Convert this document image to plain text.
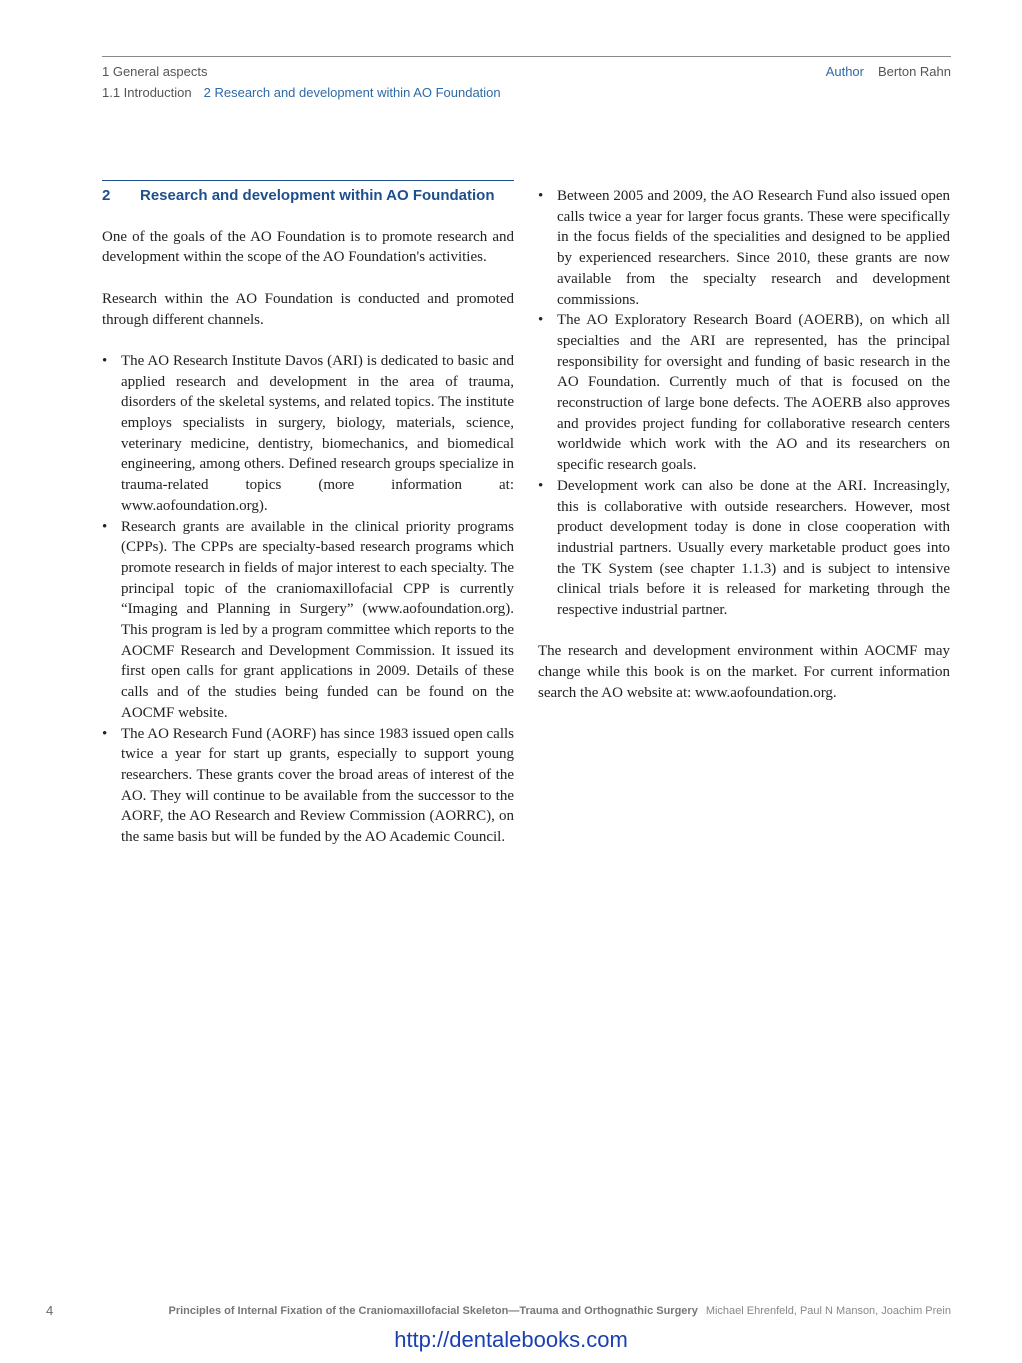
1 General aspects
1.1 Introduction 2 Research and development within AO Foundation
Author Berton Rahn
2 Research and development within AO Foundation

One of the goals of the AO Foundation is to promote research and development within the scope of the AO Foundation's activities.

Research within the AO Foundation is conducted and promoted through different channels.

• The AO Research Institute Davos (ARI) is dedicated to basic and applied research and development in the area of trauma, disorders of the skeletal systems, and related topics. The institute employs specialists in surgery, biology, materials, science, veterinary medicine, dentistry, biomechanics, and biomedical engineering, among others. Defined research groups specialize in trauma-related topics (more information at: www.aofoundation.org).
• Research grants are available in the clinical priority programs (CPPs). The CPPs are specialty-based research programs which promote research in fields of major interest to each specialty. The principal topic of the craniomaxillofacial CPP is currently “Imaging and Planning in Surgery” (www.aofoundation.org). This program is led by a program committee which reports to the AOCMF Research and Development Commission. It issued its first open calls for grant applications in 2009. Details of these calls and of the studies being funded can be found on the AOCMF website.
• The AO Research Fund (AORF) has since 1983 issued open calls twice a year for start up grants, especially to support young researchers. These grants cover the broad areas of interest of the AO. They will continue to be available from the successor to the AORF, the AO Research and Review Commission (AORRC), on the same basis but will be funded by the AO Academic Council.
• Between 2005 and 2009, the AO Research Fund also issued open calls twice a year for larger focus grants. These were specifically in the focus fields of the specialities and designed to be applied by experienced researchers. Since 2010, these grants are now available from the specialty research and development commissions.
• The AO Exploratory Research Board (AOERB), on which all specialties and the ARI are represented, has the principal responsibility for oversight and funding of basic research in the AO Foundation. Currently much of that is focused on the reconstruction of large bone defects. The AOERB also approves and provides project funding for collaborative research centers worldwide which work with the AO and its researchers on specific research goals.
• Development work can also be done at the ARI. Increasingly, this is collaborative with outside researchers. However, most product development today is done in close cooperation with industrial partners. Usually every marketable product goes into the TK System (see chapter 1.1.3) and is subject to intensive clinical trials before it is released for marketing through the respective industrial partner.

The research and development environment within AOCMF may change while this book is on the market. For current information search the AO website at: www.aofoundation.org.

4	Principles of Internal Fixation of the Craniomaxillofacial Skeleton—Trauma and Orthognathic Surgery Michael Ehrenfeld, Paul N Manson, Joachim Prein
http://dentalebooks.com
